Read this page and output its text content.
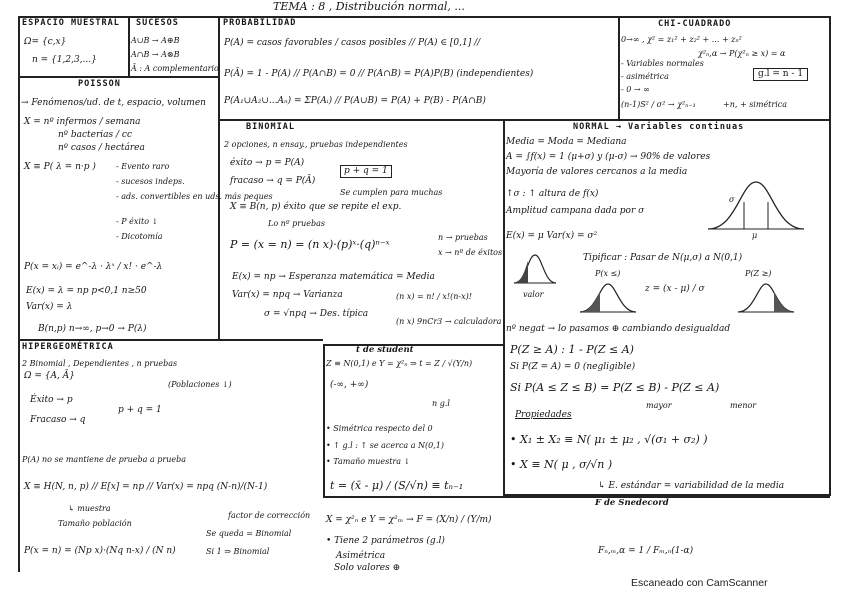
TEMA : 8 , Distribución normal, ...
ESPACIO MUESTRAL
Ω= {c,x}
n = {1,2,3,...}
SUCESOS
A∪B → A⊕B
A∩B → A⊗B
Ā : A complementario
PROBABILIDAD
P(A) = casos favorables / casos posibles // P(A) ∈ [0,1] //
P(Ā) = 1 - P(A) // P(A∩B) = 0 // P(A∩B) = P(A)P(B) (independientes)
P(A₁∪A₂∪...Aₙ) = ΣP(Aᵢ) // P(A∪B) = P(A) + P(B) - P(A∩B)
CHI-CUADRADO
0→∞ , χ² = z₁² + z₂² + ... + zₙ²
χ²ₙ,α → P(χ²ₙ ≥ x) = α
- Variables normales
- asimétrica
- 0 → ∞
(n-1)S² / σ² → χ²ₙ₋₁
g.l = n - 1
+n, + simétrica
POISSON
→ Fenómenos/ud. de t, espacio, volumen
X = nº infermos / semana
nº bacterias / cc
nº casos / hectárea
X ≡ P( λ = n·p )	- Evento raro
- sucesos indeps.
- ads. convertibles en uds. más peques
- P éxito ↓
- Dicotomía
P(x = xᵢ) = e^-λ · λˣ / x! · e^-λ
E(x) = λ = np p<0,1 n≥50
Var(x) = λ
B(n,p) n→∞, p→0 → P(λ)
BINOMIAL
2 opciones, n ensay., pruebas independientes
éxito → p = P(A)
fracaso → q = P(Ā)
p + q = 1
Se cumplen para muchas
X ≡ B(n, p) éxito que se repite el exp.
Lo nº pruebas
P = (x = n) = (n x)·(p)ˣ·(q)ⁿ⁻ˣ
n → pruebas
x → nº de éxitos
E(x) = np → Esperanza matemática = Media
Var(x) = npq → Varianza	(n x) = n! / x!(n-x)!
σ = √npq → Des. típica
(n x) 9nCr3 → calculadora
NORMAL → Variables continuas
Media = Moda = Mediana
A = ∫f(x) = 1 (μ+σ) y (μ-σ) → 90% de valores
Mayoría de valores cercanos a la media
↑σ : ↑ altura de f(x)
Amplitud campana dada por σ
E(x) = μ Var(x) = σ²
Tipificar : Pasar de N(μ,σ) a N(0,1)
valor
P(x ≤)
z = (x - μ) / σ
P(Z ≥)
nº negat → lo pasamos ⊕ cambiando desigualdad
P(Z ≥ A) : 1 - P(Z ≤ A)
Si P(Z = A) = 0 (negligible)
Si P(A ≤ Z ≤ B) = P(Z ≤ B) - P(Z ≤ A)
mayor	menor
Propiedades
• X₁ ± X₂ ≡ N( μ₁ ± μ₂ , √(σ₁ + σ₂) )
• X ≡ N( μ , σ/√n )
↳ E. estándar = variabilidad de la media
μ
σ
HIPERGEOMÉTRICA
2 Binomial , Dependientes , n pruebas
Ω = {A, Ā}
(Poblaciones ↓)
Éxito → p
Fracaso → q
p + q = 1
P(A) no se mantiene de prueba a prueba
X ≡ H(N, n, p) // E[x] = np // Var(x) = npq (N-n)/(N-1)
↳ muestra
Tamaño población
factor de corrección
Se queda = Binomial
Si 1 ⇒ Binomial
P(x = n) = (Np x)·(Nq n-x) / (N n)
t de student
Z ≡ N(0,1) e Y = χ²ₙ ⇒ t = Z / √(Y/n)
(-∞, +∞)
n g.l
• Simétrica respecto del 0
• ↑ g.l : ↑ se acerca a N(0,1)
• Tamaño muestra ↓
t = (x̄ - μ) / (S/√n) ≡ tₙ₋₁
F de Snedecord
X = χ²ₙ e Y = χ²ₘ → F = (X/n) / (Y/m)
• Tiene 2 parámetros (g.l)
Asimétrica
Solo valores ⊕
Fₙ,ₘ,α = 1 / Fₘ,ₙ(1-α)
Escaneado con CamScanner
